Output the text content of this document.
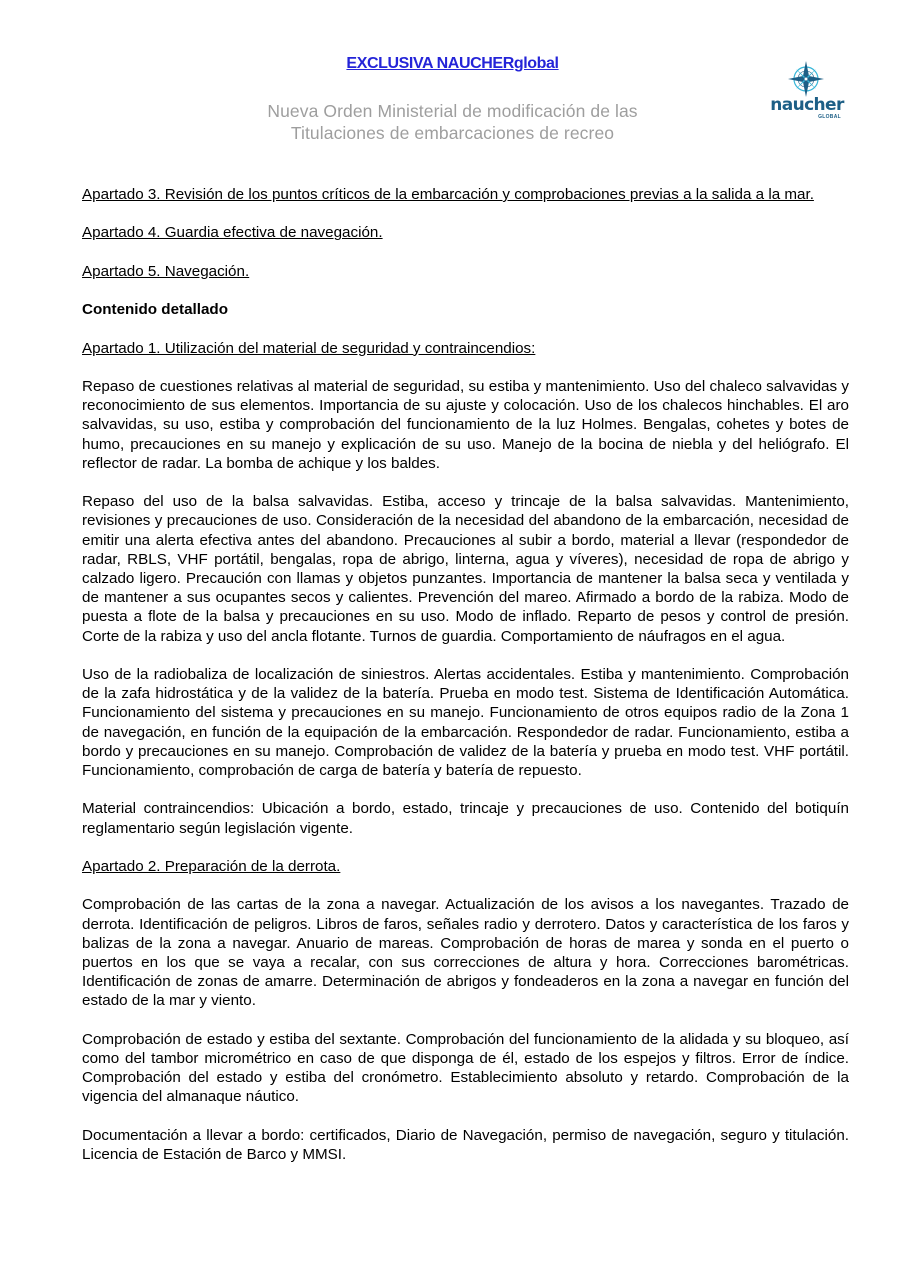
EXCLUSIVA NAUCHERglobal
Nueva Orden Ministerial de modificación de las
Titulaciones de embarcaciones de recreo
naucher
GLOBAL

Apartado 3. Revisión de los puntos críticos de la embarcación y comprobaciones previas a la salida a la mar.

Apartado 4. Guardia efectiva de navegación.

Apartado 5. Navegación.

Contenido detallado

Apartado 1. Utilización del material de seguridad y contraincendios:

Repaso de cuestiones relativas al material de seguridad, su estiba y mantenimiento. Uso del chaleco salvavidas y reconocimiento de sus elementos. Importancia de su ajuste y colocación. Uso de los chalecos hinchables. El aro salvavidas, su uso, estiba y comprobación del funcionamiento de la luz Holmes. Bengalas, cohetes y botes de humo, precauciones en su manejo y explicación de su uso. Manejo de la bocina de niebla y del heliógrafo. El reflector de radar. La bomba de achique y los baldes.

Repaso del uso de la balsa salvavidas. Estiba, acceso y trincaje de la balsa salvavidas. Mantenimiento, revisiones y precauciones de uso. Consideración de la necesidad del abandono de la embarcación, necesidad de emitir una alerta efectiva antes del abandono. Precauciones al subir a bordo, material a llevar (respondedor de radar, RBLS, VHF portátil, bengalas, ropa de abrigo, linterna, agua y víveres), necesidad de ropa de abrigo y calzado ligero. Precaución con llamas y objetos punzantes. Importancia de mantener la balsa seca y ventilada y de mantener a sus ocupantes secos y calientes. Prevención del mareo. Afirmado a bordo de la rabiza. Modo de puesta a flote de la balsa y precauciones en su uso. Modo de inflado. Reparto de pesos y control de presión. Corte de la rabiza y uso del ancla flotante. Turnos de guardia. Comportamiento de náufragos en el agua.

Uso de la radiobaliza de localización de siniestros. Alertas accidentales. Estiba y mantenimiento. Comprobación de la zafa hidrostática y de la validez de la batería. Prueba en modo test. Sistema de Identificación Automática. Funcionamiento del sistema y precauciones en su manejo. Funcionamiento de otros equipos radio de la Zona 1 de navegación, en función de la equipación de la embarcación. Respondedor de radar. Funcionamiento, estiba a bordo y precauciones en su manejo. Comprobación de validez de la batería y prueba en modo test. VHF portátil. Funcionamiento, comprobación de carga de batería y batería de repuesto.

Material contraincendios: Ubicación a bordo, estado, trincaje y precauciones de uso. Contenido del botiquín reglamentario según legislación vigente.

Apartado 2. Preparación de la derrota.

Comprobación de las cartas de la zona a navegar. Actualización de los avisos a los navegantes. Trazado de derrota. Identificación de peligros. Libros de faros, señales radio y derrotero. Datos y característica de los faros y balizas de la zona a navegar. Anuario de mareas. Comprobación de horas de marea y sonda en el puerto o puertos en los que se vaya a recalar, con sus correcciones de altura y hora. Correcciones barométricas. Identificación de zonas de amarre. Determinación de abrigos y fondeaderos en la zona a navegar en función del estado de la mar y viento.

Comprobación de estado y estiba del sextante. Comprobación del funcionamiento de la alidada y su bloqueo, así como del tambor micrométrico en caso de que disponga de él, estado de los espejos y filtros. Error de índice. Comprobación del estado y estiba del cronómetro. Establecimiento absoluto y retardo. Comprobación de la vigencia del almanaque náutico.

Documentación a llevar a bordo: certificados, Diario de Navegación, permiso de navegación, seguro y titulación. Licencia de Estación de Barco y MMSI.
